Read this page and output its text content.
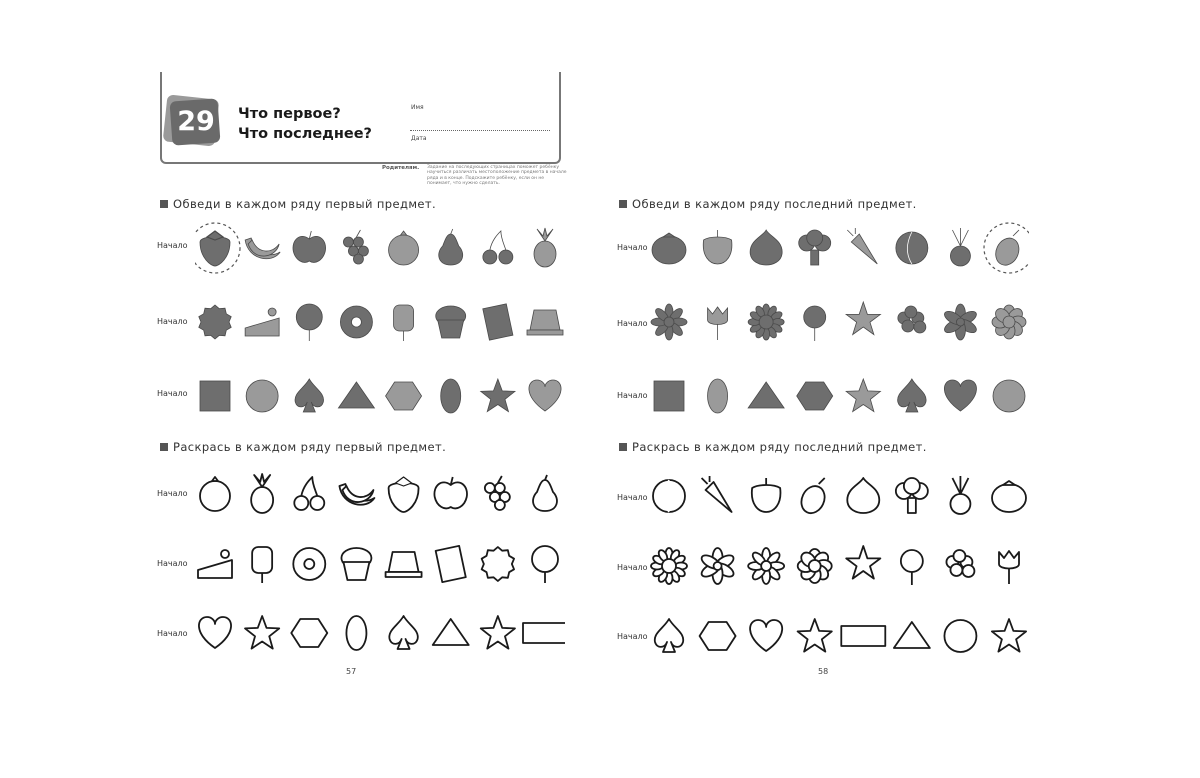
29	Что первое?
Что последнее?
Имя
Дата
Родителям. Задание на последующих страницах поможет ребёнку научиться различать местоположение предмета в начале ряда и в конце. Подскажите ребёнку, если он не понимает, что нужно сделать.
Обведи в каждом ряду первый предмет.
Раскрась в каждом ряду первый предмет.
Начало
Начало
Начало
Начало
Начало
Начало
57
Обведи в каждом ряду последний предмет.
Раскрась в каждом ряду последний предмет.
Начало
Начало
Начало
Начало
Начало
Начало
58
